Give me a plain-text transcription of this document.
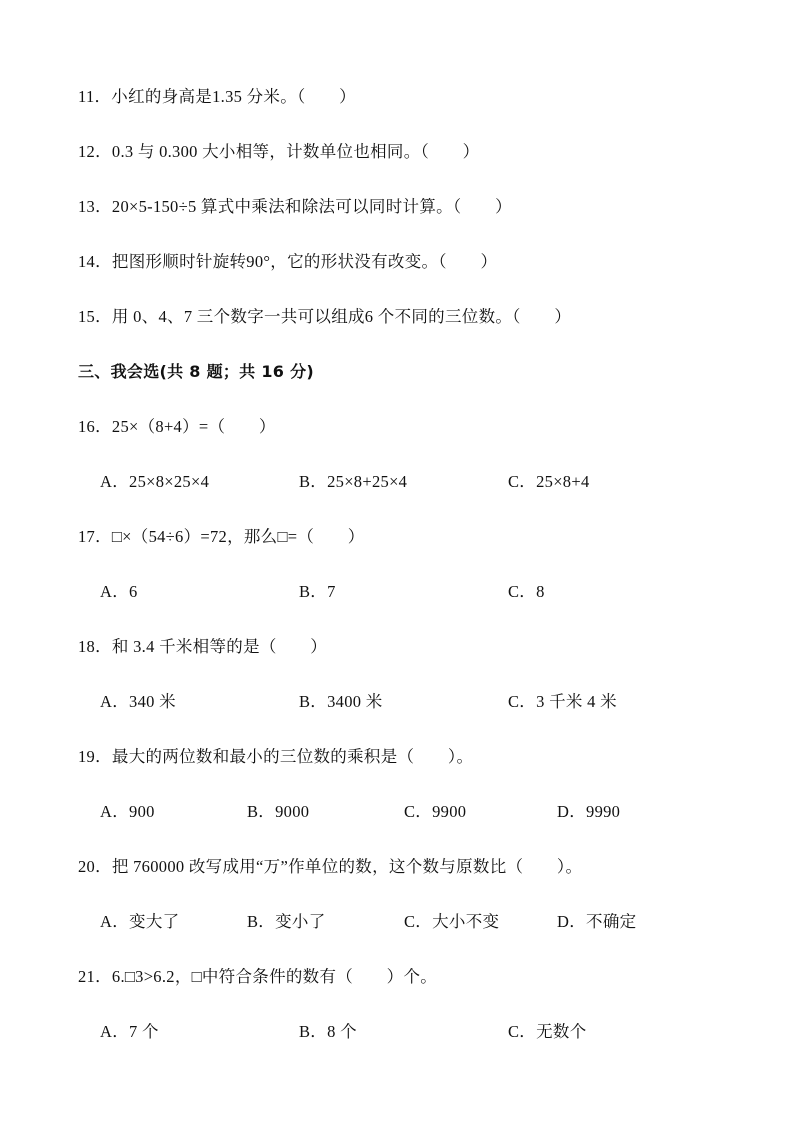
11．小红的身高是1.35 分米。（　　）
12．0.3 与 0.300 大小相等，计数单位也相同。（　　）
13．20×5-150÷5 算式中乘法和除法可以同时计算。（　　）
14．把图形顺时针旋转90°，它的形状没有改变。（　　）
15．用 0、4、7 三个数字一共可以组成6 个不同的三位数。（　　）
三、我会选(共 8 题；共 16 分)
16．25×（8+4）=（　　）
A．25×8×25×4	B．25×8+25×4	C．25×8+4
17．□×（54÷6）=72，那么□=（　　）
A．6	B．7	C．8
18．和 3.4 千米相等的是（　　）
A．340 米	B．3400 米	C．3 千米 4 米
19．最大的两位数和最小的三位数的乘积是（　　）。
A．900	B．9000	C．9900	D．9990
20．把 760000 改写成用“万”作单位的数，这个数与原数比（　　）。
A．变大了	B．变小了	C．大小不变	D．不确定
21．6.□3>6.2，□中符合条件的数有（　　）个。
A．7 个	B．8 个	C．无数个
